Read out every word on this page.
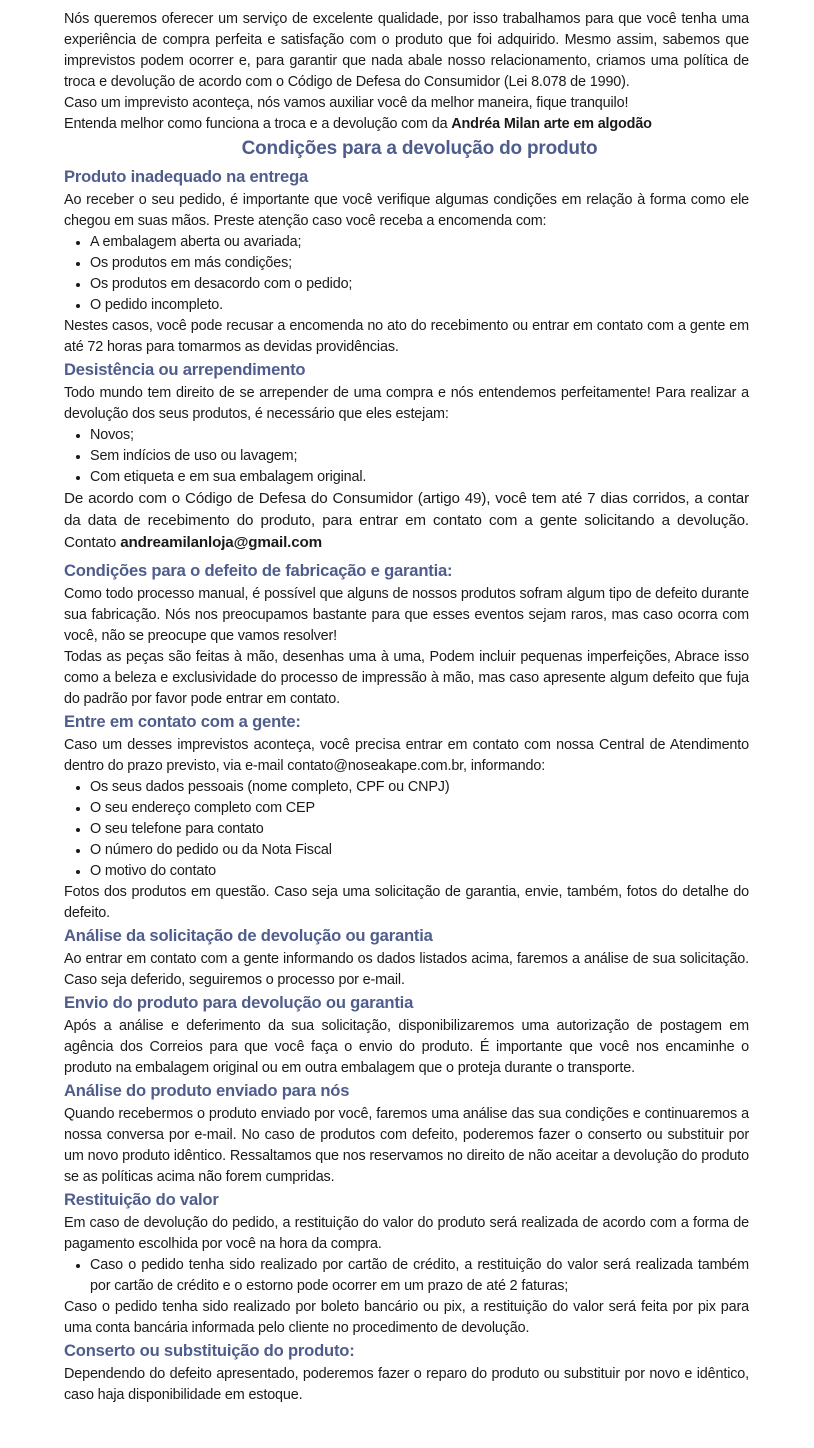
Nós queremos oferecer um serviço de excelente qualidade, por isso trabalhamos para que você tenha uma experiência de compra perfeita e satisfação com o produto que foi adquirido. Mesmo assim, sabemos que imprevistos podem ocorrer e, para garantir que nada abale nosso relacionamento, criamos uma política de troca e devolução de acordo com o Código de Defesa do Consumidor (Lei 8.078 de 1990).

Caso um imprevisto aconteça, nós vamos auxiliar você da melhor maneira, fique tranquilo!

Entenda melhor como funciona a troca e a devolução com da Andréa Milan arte em algodão

Condições para a devolução do produto
Produto inadequado na entrega

Ao receber o seu pedido, é importante que você verifique algumas condições em relação à forma como ele chegou em suas mãos. Preste atenção caso você receba a encomenda com:

A embalagem aberta ou avariada;
Os produtos em más condições;
Os produtos em desacordo com o pedido;
O pedido incompleto.

Nestes casos, você pode recusar a encomenda no ato do recebimento ou entrar em contato com a gente em até 72 horas para tomarmos as devidas providências.

Desistência ou arrependimento

Todo mundo tem direito de se arrepender de uma compra e nós entendemos perfeitamente! Para realizar a devolução dos seus produtos, é necessário que eles estejam:

Novos;
Sem indícios de uso ou lavagem;
Com etiqueta e em sua embalagem original.

De acordo com o Código de Defesa do Consumidor (artigo 49), você tem até 7 dias corridos, a contar da data de recebimento do produto, para entrar em contato com a gente solicitando a devolução. Contato andreamilanloja@gmail.com

Condições para o defeito de fabricação e garantia:

Como todo processo manual, é possível que alguns de nossos produtos sofram algum tipo de defeito durante sua fabricação. Nós nos preocupamos bastante para que esses eventos sejam raros, mas caso ocorra com você, não se preocupe que vamos resolver!

Todas as peças são feitas à mão, desenhas uma à uma, Podem incluir pequenas imperfeições, Abrace isso como a beleza e exclusividade do processo de impressão à mão, mas caso apresente algum defeito que fuja do padrão por favor pode entrar em contato.

Entre em contato com a gente:

Caso um desses imprevistos aconteça, você precisa entrar em contato com nossa Central de Atendimento dentro do prazo previsto, via e-mail contato@noseakape.com.br, informando:

Os seus dados pessoais (nome completo, CPF ou CNPJ)
O seu endereço completo com CEP
O seu telefone para contato
O número do pedido ou da Nota Fiscal
O motivo do contato

Fotos dos produtos em questão. Caso seja uma solicitação de garantia, envie, também, fotos do detalhe do defeito.

Análise da solicitação de devolução ou garantia

Ao entrar em contato com a gente informando os dados listados acima, faremos a análise de sua solicitação. Caso seja deferido, seguiremos o processo por e-mail.

Envio do produto para devolução ou garantia

Após a análise e deferimento da sua solicitação, disponibilizaremos uma autorização de postagem em agência dos Correios para que você faça o envio do produto. É importante que você nos encaminhe o produto na embalagem original ou em outra embalagem que o proteja durante o transporte.

Análise do produto enviado para nós

Quando recebermos o produto enviado por você, faremos uma análise das sua condições e continuaremos a nossa conversa por e-mail. No caso de produtos com defeito, poderemos fazer o conserto ou substituir por um novo produto idêntico. Ressaltamos que nos reservamos no direito de não aceitar a devolução do produto se as políticas acima não forem cumpridas.

Restituição do valor

Em caso de devolução do pedido, a restituição do valor do produto será realizada de acordo com a forma de pagamento escolhida por você na hora da compra.

Caso o pedido tenha sido realizado por cartão de crédito, a restituição do valor será realizada também por cartão de crédito e o estorno pode ocorrer em um prazo de até 2 faturas;

Caso o pedido tenha sido realizado por boleto bancário ou pix, a restituição do valor será feita por pix para uma conta bancária informada pelo cliente no procedimento de devolução.

Conserto ou substituição do produto:

Dependendo do defeito apresentado, poderemos fazer o reparo do produto ou substituir por novo e idêntico, caso haja disponibilidade em estoque.
